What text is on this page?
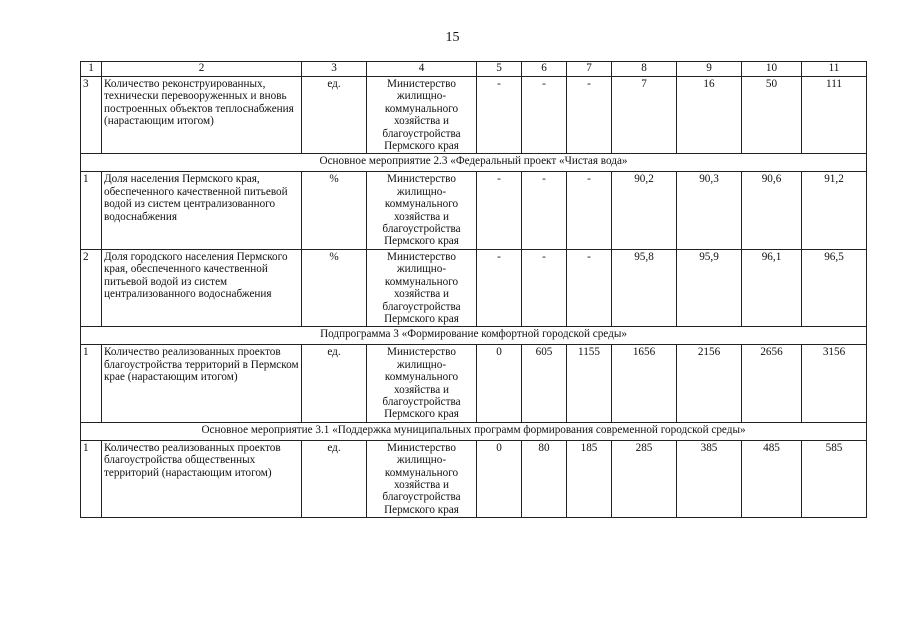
15
1	2	3	4	5	6	7	8	9	10	11
3	Количество реконструированных, технически перевооруженных и вновь построенных объектов теплоснабжения (нарастающим итогом)	ед.	Министерство жилищно-коммунального хозяйства и благоустройства Пермского края	-	-	-	7	16	50	111
Основное мероприятие 2.3 «Федеральный проект «Чистая вода»										
1	Доля населения Пермского края, обеспеченного качественной питьевой водой из систем централизованного водоснабжения	%	Министерство жилищно-коммунального хозяйства и благоустройства Пермского края	-	-	-	90,2	90,3	90,6	91,2
2	Доля городского населения Пермского края, обеспеченного качественной питьевой водой из систем централизованного водоснабжения	%	Министерство жилищно-коммунального хозяйства и благоустройства Пермского края	-	-	-	95,8	95,9	96,1	96,5
Подпрограмма 3 «Формирование комфортной городской среды»										
1	Количество реализованных проектов благоустройства территорий в Пермском крае (нарастающим итогом)	ед.	Министерство жилищно-коммунального хозяйства и благоустройства Пермского края	0	605	1155	1656	2156	2656	3156
Основное мероприятие 3.1 «Поддержка муниципальных программ формирования современной городской среды»										
1	Количество реализованных проектов благоустройства общественных территорий (нарастающим итогом)	ед.	Министерство жилищно-коммунального хозяйства и благоустройства Пермского края	0	80	185	285	385	485	585
